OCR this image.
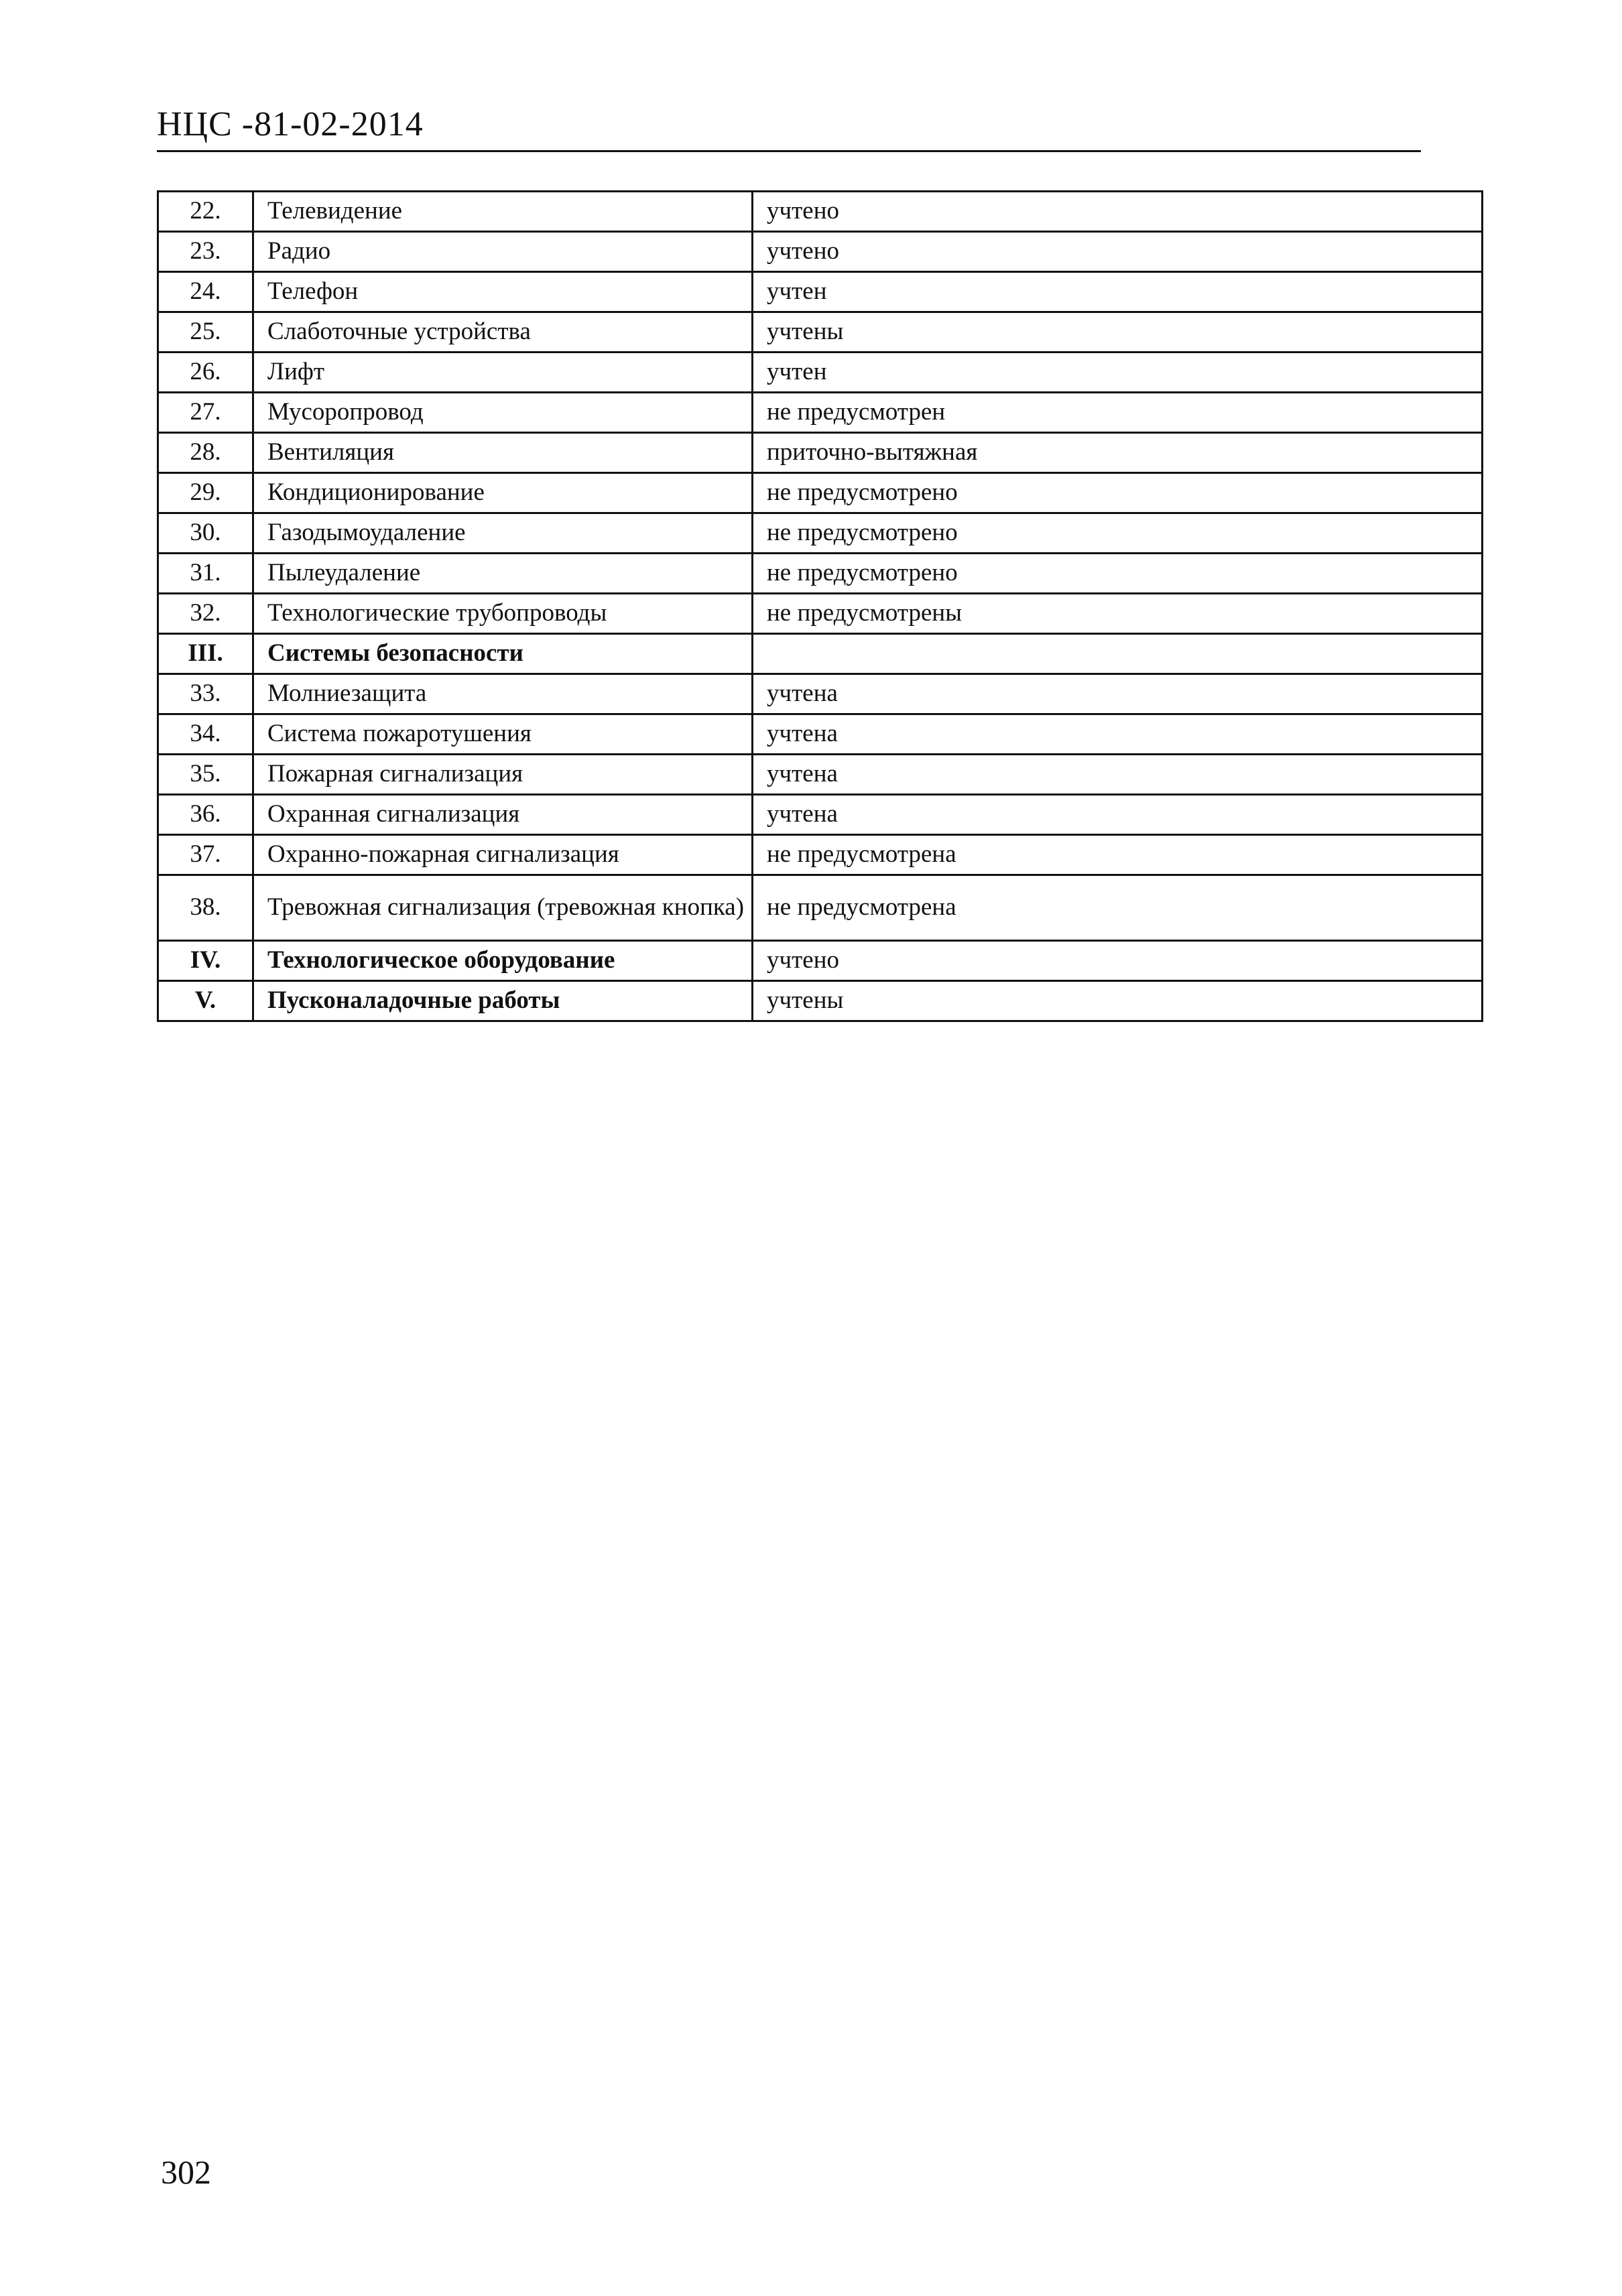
НЦС -81-02-2014
22.	Телевидение	учтено
23.	Радио	учтено
24.	Телефон	учтен
25.	Слаботочные устройства	учтены
26.	Лифт	учтен
27.	Мусоропровод	не предусмотрен
28.	Вентиляция	приточно-вытяжная
29.	Кондиционирование	не предусмотрено
30.	Газодымоудаление	не предусмотрено
31.	Пылеудаление	не предусмотрено
32.	Технологические трубопроводы	не предусмотрены
III.	Системы безопасности	
33.	Молниезащита	учтена
34.	Система пожаротушения	учтена
35.	Пожарная сигнализация	учтена
36.	Охранная сигнализация	учтена
37.	Охранно-пожарная сигнализация	не предусмотрена
38.	Тревожная сигнализация (тревожная кнопка)	не предусмотрена
IV.	Технологическое оборудование	учтено
V.	Пусконаладочные работы	учтены
302
